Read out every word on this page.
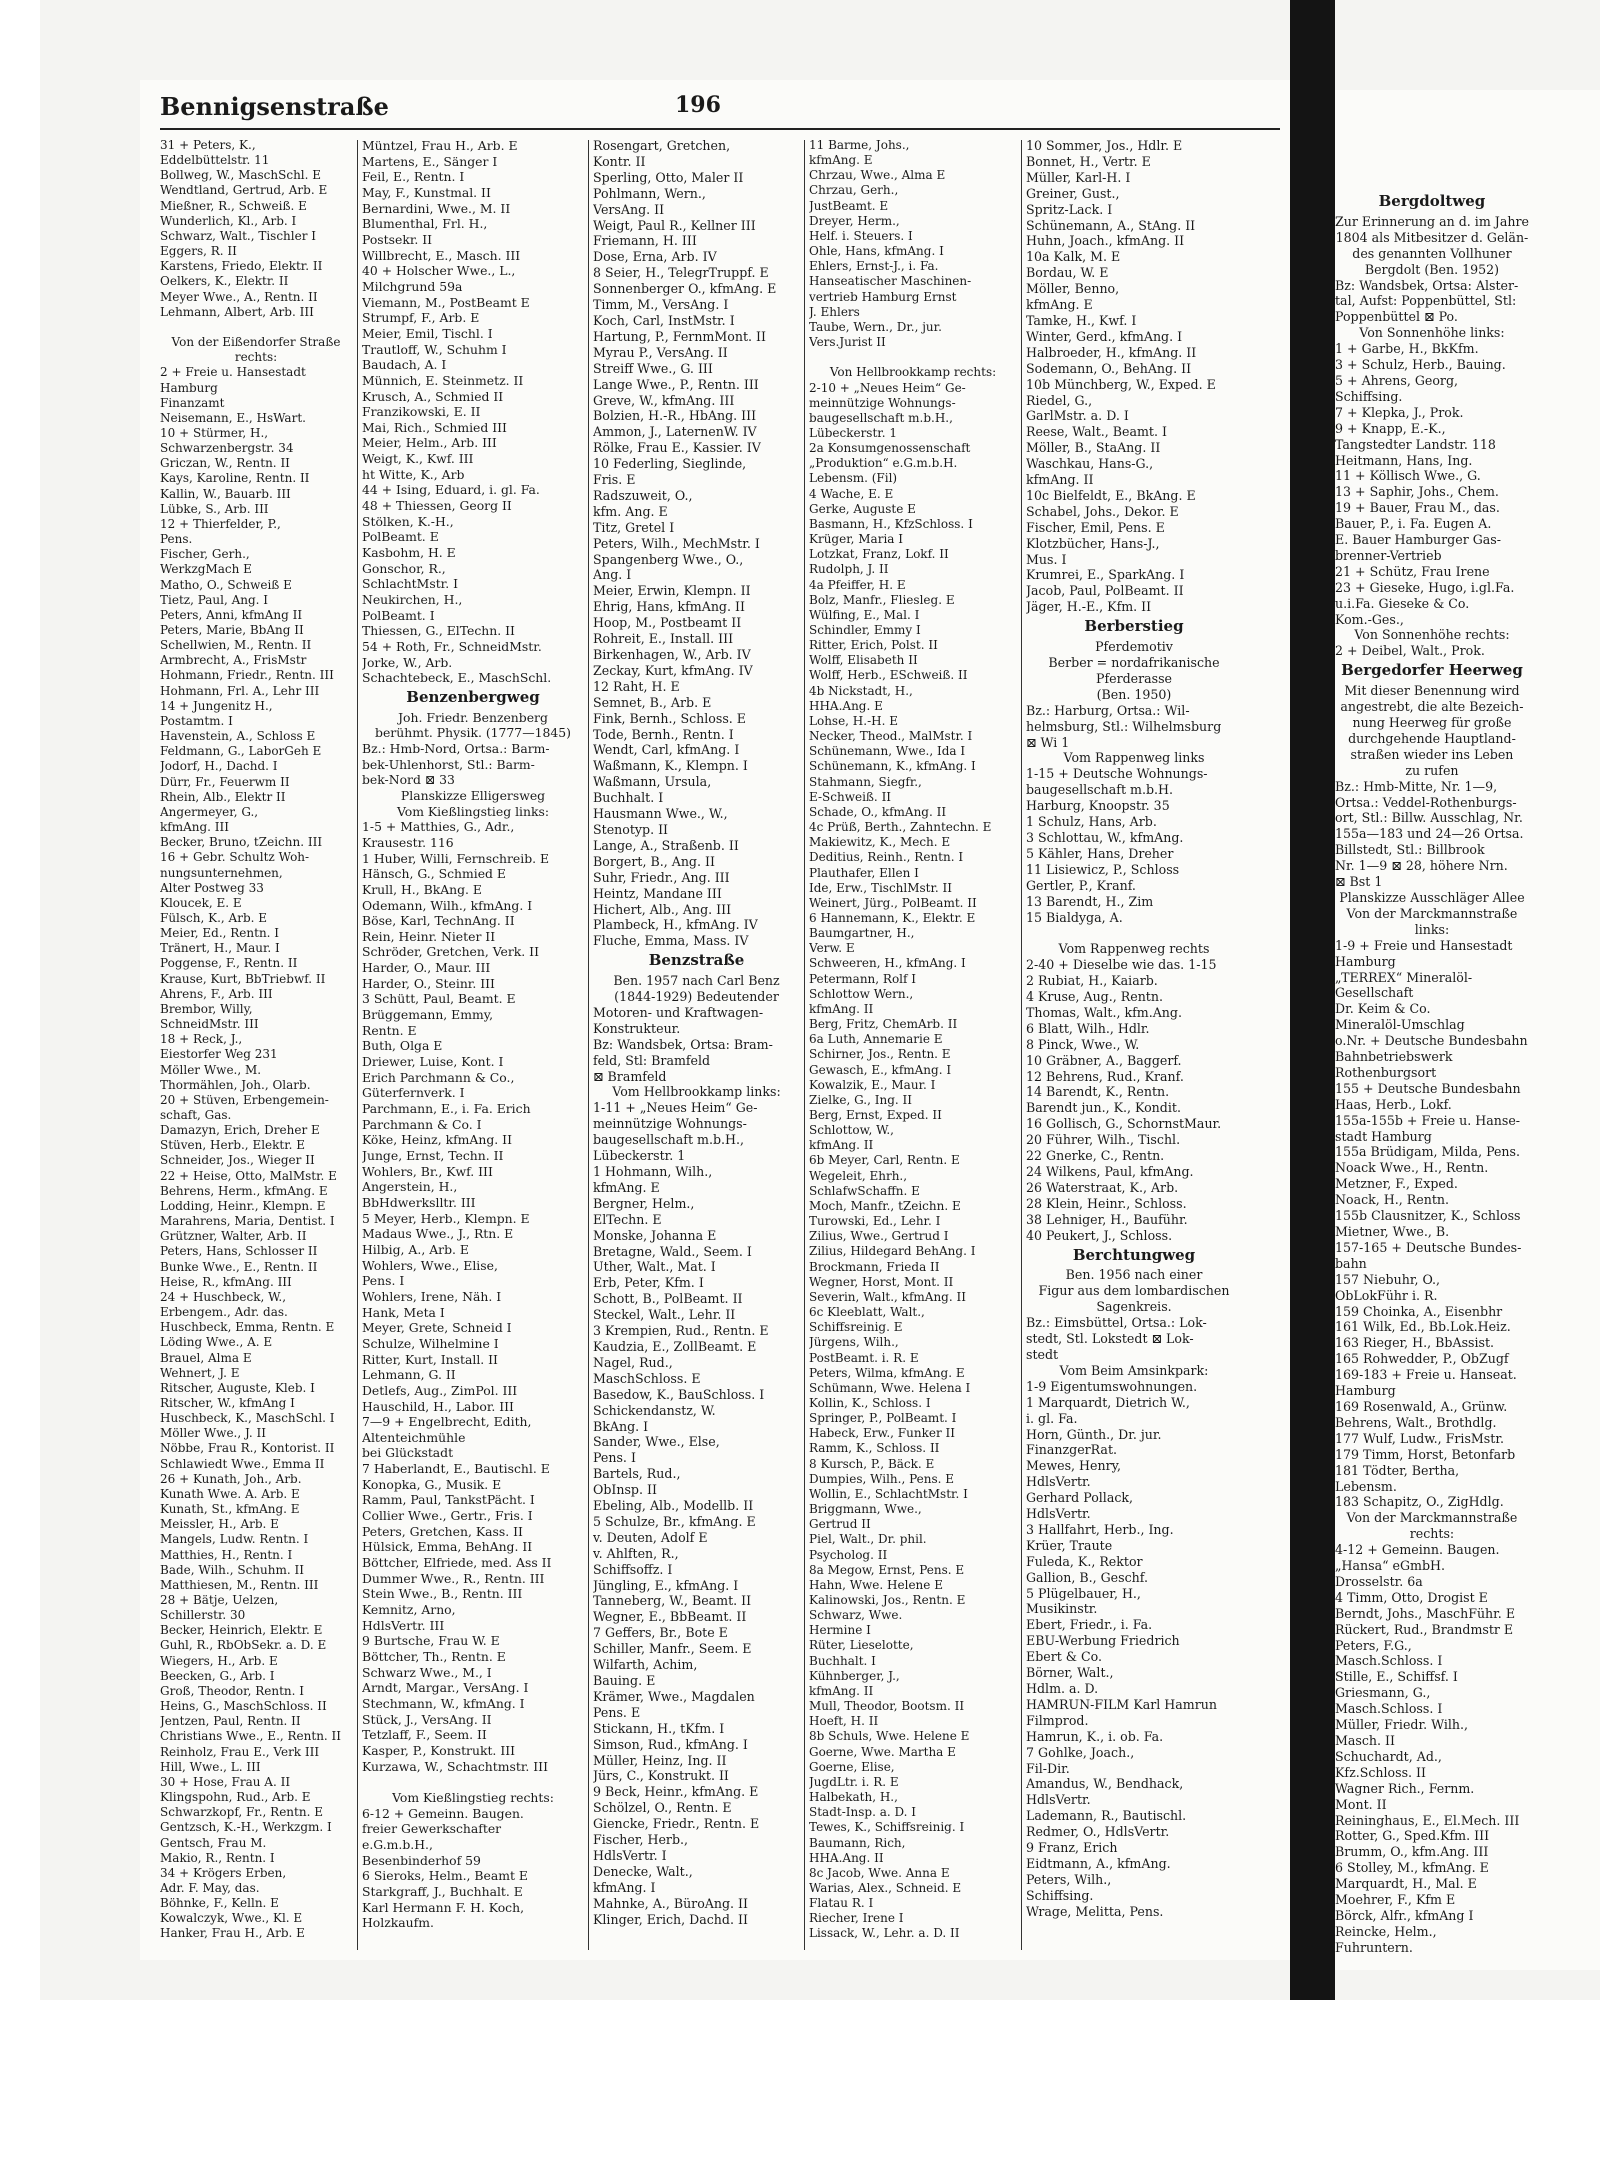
Bergdoltweg
Zur Erinnerung an d. im Jahre
1804 als Mitbesitzer d. Gelän-
des genannten Vollhuner
Bergdolt (Ben. 1952)
Bz: Wandsbek, Ortsa: Alster-
tal, Aufst: Poppenbüttel, Stl:
Poppenbüttel ⊠ Po.
Von Sonnenhöhe links:
1 + Garbe, H., BkKfm.
3 + Schulz, Herb., Bauing.
5 + Ahrens, Georg,
Schiffsing.
7 + Klepka, J., Prok.
9 + Knapp, E.-K.,
Tangstedter Landstr. 118
Heitmann, Hans, Ing.
11 + Köllisch Wwe., G.
13 + Saphir, Johs., Chem.
19 + Bauer, Frau M., das.
Bauer, P., i. Fa. Eugen A.
E. Bauer Hamburger Gas-
brenner-Vertrieb
21 + Schütz, Frau Irene
23 + Gieseke, Hugo, i.gl.Fa.
u.i.Fa. Gieseke & Co.
Kom.-Ges.,
Von Sonnenhöhe rechts:
2 + Deibel, Walt., Prok.
Bergedorfer Heerweg
Mit dieser Benennung wird
angestrebt, die alte Bezeich-
nung Heerweg für große
durchgehende Hauptland-
straßen wieder ins Leben
zu rufen
Bz.: Hmb-Mitte, Nr. 1—9,
Ortsa.: Veddel-Rothenburgs-
ort, Stl.: Billw. Ausschlag, Nr.
155a—183 und 24—26 Ortsa.
Billstedt, Stl.: Billbrook
Nr. 1—9 ⊠ 28, höhere Nrn.
⊠ Bst 1
Planskizze Ausschläger Allee
Von der Marckmannstraße
links:
1-9 + Freie und Hansestadt
Hamburg
„TERREX“ Mineralöl-
Gesellschaft
Dr. Keim & Co.
Mineralöl-Umschlag
o.Nr. + Deutsche Bundesbahn
Bahnbetriebswerk
Rothenburgsort
155 + Deutsche Bundesbahn
Haas, Herb., Lokf.
155a-155b + Freie u. Hanse-
stadt Hamburg
155a Brüdigam, Milda, Pens.
Noack Wwe., H., Rentn.
Metzner, F., Exped.
Noack, H., Rentn.
155b Clausnitzer, K., Schloss
Mietner, Wwe., B.
157-165 + Deutsche Bundes-
bahn
157 Niebuhr, O.,
ObLokFühr i. R.
159 Choinka, A., Eisenbhr
161 Wilk, Ed., Bb.Lok.Heiz.
163 Rieger, H., BbAssist.
165 Rohwedder, P., ObZugf
169-183 + Freie u. Hanseat.
Hamburg
169 Rosenwald, A., Grünw.
Behrens, Walt., Brothdlg.
177 Wulf, Ludw., FrisMstr.
179 Timm, Horst, Betonfarb
181 Tödter, Bertha,
Lebensm.
183 Schapitz, O., ZigHdlg.
Von der Marckmannstraße
rechts:
4-12 + Gemeinn. Baugen.
„Hansa“ eGmbH.
Drosselstr. 6a
4 Timm, Otto, Drogist E
Berndt, Johs., MaschFühr. E
Rückert, Rud., Brandmstr E
Peters, F.G.,
Masch.Schloss. I
Stille, E., Schiffsf. I
Griesmann, G.,
Masch.Schloss. I
Müller, Friedr. Wilh.,
Masch. II
Schuchardt, Ad.,
Kfz.Schloss. II
Wagner Rich., Fernm.
Mont. II
Reininghaus, E., El.Mech. III
Rotter, G., Sped.Kfm. III
Brumm, O., kfm.Ang. III
6 Stolley, M., kfmAng. E
Marquardt, H., Mal. E
Moehrer, F., Kfm E
Börck, Alfr., kfmAng I
Reincke, Helm.,
Fuhruntern.
Bennigsenstraße	196
31 + Peters, K.,
Eddelbüttelstr. 11
Bollweg, W., MaschSchl. E
Wendtland, Gertrud, Arb. E
Mießner, R., Schweiß. E
Wunderlich, Kl., Arb. I
Schwarz, Walt., Tischler I
Eggers, R. II
Karstens, Friedo, Elektr. II
Oelkers, K., Elektr. II
Meyer Wwe., A., Rentn. II
Lehmann, Albert, Arb. III

Von der Eißendorfer Straße
rechts:
2 + Freie u. Hansestadt
Hamburg
Finanzamt
Neisemann, E., HsWart.
10 + Stürmer, H.,
Schwarzenbergstr. 34
Griczan, W., Rentn. II
Kays, Karoline, Rentn. II
Kallin, W., Bauarb. III
Lübke, S., Arb. III
12 + Thierfelder, P.,
Pens.
Fischer, Gerh.,
WerkzgMach E
Matho, O., Schweiß E
Tietz, Paul, Ang. I
Peters, Anni, kfmAng II
Peters, Marie, BbAng II
Schellwien, M., Rentn. II
Armbrecht, A., FrisMstr
Hohmann, Friedr., Rentn. III
Hohmann, Frl. A., Lehr III
14 + Jungenitz H.,
Postamtm. I
Havenstein, A., Schloss E
Feldmann, G., LaborGeh E
Jodorf, H., Dachd. I
Dürr, Fr., Feuerwm II
Rhein, Alb., Elektr II
Angermeyer, G.,
kfmAng. III
Becker, Bruno, tZeichn. III
16 + Gebr. Schultz Woh-
nungsunternehmen,
Alter Postweg 33
Kloucek, E. E
Fülsch, K., Arb. E
Meier, Ed., Rentn. I
Tränert, H., Maur. I
Poggense, F., Rentn. II
Krause, Kurt, BbTriebwf. II
Ahrens, F., Arb. III
Brembor, Willy,
SchneidMstr. III
18 + Reck, J.,
Eiestorfer Weg 231
Möller Wwe., M.
Thormählen, Joh., Olarb.
20 + Stüven, Erbengemein-
schaft, Gas.
Damazyn, Erich, Dreher E
Stüven, Herb., Elektr. E
Schneider, Jos., Wieger II
22 + Heise, Otto, MalMstr. E
Behrens, Herm., kfmAng. E
Lodding, Heinr., Klempn. E
Marahrens, Maria, Dentist. I
Grützner, Walter, Arb. II
Peters, Hans, Schlosser II
Bunke Wwe., E., Rentn. II
Heise, R., kfmAng. III
24 + Huschbeck, W.,
Erbengem., Adr. das.
Huschbeck, Emma, Rentn. E
Löding Wwe., A. E
Brauel, Alma E
Wehnert, J. E
Ritscher, Auguste, Kleb. I
Ritscher, W., kfmAng I
Huschbeck, K., MaschSchl. I
Möller Wwe., J. II
Nöbbe, Frau R., Kontorist. II
Schlawiedt Wwe., Emma II
26 + Kunath, Joh., Arb.
Kunath Wwe. A. Arb. E
Kunath, St., kfmAng. E
Meissler, H., Arb. E
Mangels, Ludw. Rentn. I
Matthies, H., Rentn. I
Bade, Wilh., Schuhm. II
Matthiesen, M., Rentn. III
28 + Bätje, Uelzen,
Schillerstr. 30
Becker, Heinrich, Elektr. E
Guhl, R., RbObSekr. a. D. E
Wiegers, H., Arb. E
Beecken, G., Arb. I
Groß, Theodor, Rentn. I
Heins, G., MaschSchloss. II
Jentzen, Paul, Rentn. II
Christians Wwe., E., Rentn. II
Reinholz, Frau E., Verk III
Hill, Wwe., L. III
30 + Hose, Frau A. II
Klingspohn, Rud., Arb. E
Schwarzkopf, Fr., Rentn. E
Gentzsch, K.-H., Werkzgm. I
Gentsch, Frau M.
Makio, R., Rentn. I
34 + Krögers Erben,
Adr. F. May, das.
Böhnke, F., Kelln. E
Kowalczyk, Wwe., Kl. E
Hanker, Frau H., Arb. E
Müntzel, Frau H., Arb. E
Martens, E., Sänger I
Feil, E., Rentn. I
May, F., Kunstmal. II
Bernardini, Wwe., M. II
Blumenthal, Frl. H.,
Postsekr. II
Willbrecht, E., Masch. III
40 + Holscher Wwe., L.,
Milchgrund 59a
Viemann, M., PostBeamt E
Strumpf, F., Arb. E
Meier, Emil, Tischl. I
Trautloff, W., Schuhm I
Baudach, A. I
Münnich, E. Steinmetz. II
Krusch, A., Schmied II
Franzikowski, E. II
Mai, Rich., Schmied III
Meier, Helm., Arb. III
Weigt, K., Kwf. III
ht Witte, K., Arb
44 + Ising, Eduard, i. gl. Fa.
48 + Thiessen, Georg II
Stölken, K.-H.,
PolBeamt. E
Kasbohm, H. E
Gonschor, R.,
SchlachtMstr. I
Neukirchen, H.,
PolBeamt. I
Thiessen, G., ElTechn. II
54 + Roth, Fr., SchneidMstr.
Jorke, W., Arb.
Schachtebeck, E., MaschSchl.
Benzenbergweg
Joh. Friedr. Benzenberg
berühmt. Physik. (1777—1845)
Bz.: Hmb-Nord, Ortsa.: Barm-
bek-Uhlenhorst, Stl.: Barm-
bek-Nord ⊠ 33
Planskizze Elligersweg
Vom Kießlingstieg links:
1-5 + Matthies, G., Adr.,
Krausestr. 116
1 Huber, Willi, Fernschreib. E
Hänsch, G., Schmied E
Krull, H., BkAng. E
Odemann, Wilh., kfmAng. I
Böse, Karl, TechnAng. II
Rein, Heinr. Nieter II
Schröder, Gretchen, Verk. II
Harder, O., Maur. III
Harder, O., Steinr. III
3 Schütt, Paul, Beamt. E
Brüggemann, Emmy,
Rentn. E
Buth, Olga E
Driewer, Luise, Kont. I
Erich Parchmann & Co.,
Güterfernverk. I
Parchmann, E., i. Fa. Erich
Parchmann & Co. I
Köke, Heinz, kfmAng. II
Junge, Ernst, Techn. II
Wohlers, Br., Kwf. III
Angerstein, H.,
BbHdwerkslltr. III
5 Meyer, Herb., Klempn. E
Madaus Wwe., J., Rtn. E
Hilbig, A., Arb. E
Wohlers, Wwe., Elise,
Pens. I
Wohlers, Irene, Näh. I
Hank, Meta I
Meyer, Grete, Schneid I
Schulze, Wilhelmine I
Ritter, Kurt, Install. II
Lehmann, G. II
Detlefs, Aug., ZimPol. III
Hauschild, H., Labor. III
7—9 + Engelbrecht, Edith,
Altenteichmühle
bei Glückstadt
7 Haberlandt, E., Bautischl. E
Konopka, G., Musik. E
Ramm, Paul, TankstPächt. I
Collier Wwe., Gertr., Fris. I
Peters, Gretchen, Kass. II
Hülsick, Emma, BehAng. II
Böttcher, Elfriede, med. Ass II
Dummer Wwe., R., Rentn. III
Stein Wwe., B., Rentn. III
Kemnitz, Arno,
HdlsVertr. III
9 Burtsche, Frau W. E
Böttcher, Th., Rentn. E
Schwarz Wwe., M., I
Arndt, Margar., VersAng. I
Stechmann, W., kfmAng. I
Stück, J., VersAng. II
Tetzlaff, F., Seem. II
Kasper, P., Konstrukt. III
Kurzawa, W., Schachtmstr. III

Vom Kießlingstieg rechts:
6-12 + Gemeinn. Baugen.
freier Gewerkschafter
e.G.m.b.H.,
Besenbinderhof 59
6 Sieroks, Helm., Beamt E
Starkgraff, J., Buchhalt. E
Karl Hermann F. H. Koch,
Holzkaufm.
Rosengart, Gretchen,
Kontr. II
Sperling, Otto, Maler II
Pohlmann, Wern.,
VersAng. II
Weigt, Paul R., Kellner III
Friemann, H. III
Dose, Erna, Arb. IV
8 Seier, H., TelegrTruppf. E
Sonnenberger O., kfmAng. E
Timm, M., VersAng. I
Koch, Carl, InstMstr. I
Hartung, P., FernmMont. II
Myrau P., VersAng. II
Streiff Wwe., G. III
Lange Wwe., P., Rentn. III
Greve, W., kfmAng. III
Bolzien, H.-R., HbAng. III
Ammon, J., LaternenW. IV
Rölke, Frau E., Kassier. IV
10 Federling, Sieglinde,
Fris. E
Radszuweit, O.,
kfm. Ang. E
Titz, Gretel I
Peters, Wilh., MechMstr. I
Spangenberg Wwe., O.,
Ang. I
Meier, Erwin, Klempn. II
Ehrig, Hans, kfmAng. II
Hoop, M., Postbeamt II
Rohreit, E., Install. III
Birkenhagen, W., Arb. IV
Zeckay, Kurt, kfmAng. IV
12 Raht, H. E
Semnet, B., Arb. E
Fink, Bernh., Schloss. E
Tode, Bernh., Rentn. I
Wendt, Carl, kfmAng. I
Waßmann, K., Klempn. I
Waßmann, Ursula,
Buchhalt. I
Hausmann Wwe., W.,
Stenotyp. II
Lange, A., Straßenb. II
Borgert, B., Ang. II
Suhr, Friedr., Ang. III
Heintz, Mandane III
Hichert, Alb., Ang. III
Plambeck, H., kfmAng. IV
Fluche, Emma, Mass. IV
Benzstraße
Ben. 1957 nach Carl Benz
(1844-1929) Bedeutender
Motoren- und Kraftwagen-
Konstrukteur.
Bz: Wandsbek, Ortsa: Bram-
feld, Stl: Bramfeld
⊠ Bramfeld
Vom Hellbrookkamp links:
1-11 + „Neues Heim“ Ge-
meinnützige Wohnungs-
baugesellschaft m.b.H.,
Lübeckerstr. 1
1 Hohmann, Wilh.,
kfmAng. E
Bergner, Helm.,
ElTechn. E
Monske, Johanna E
Bretagne, Wald., Seem. I
Uther, Walt., Mat. I
Erb, Peter, Kfm. I
Schott, B., PolBeamt. II
Steckel, Walt., Lehr. II
3 Krempien, Rud., Rentn. E
Kaudzia, E., ZollBeamt. E
Nagel, Rud.,
MaschSchloss. E
Basedow, K., BauSchloss. I
Schickendanstz, W.
BkAng. I
Sander, Wwe., Else,
Pens. I
Bartels, Rud.,
ObInsp. II
Ebeling, Alb., Modellb. II
5 Schulze, Br., kfmAng. E
v. Deuten, Adolf E
v. Ahlften, R.,
Schiffsoffz. I
Jüngling, E., kfmAng. I
Tanneberg, W., Beamt. II
Wegner, E., BbBeamt. II
7 Geffers, Br., Bote E
Schiller, Manfr., Seem. E
Wilfarth, Achim,
Bauing. E
Krämer, Wwe., Magdalen
Pens. E
Stickann, H., tKfm. I
Simson, Rud., kfmAng. I
Müller, Heinz, Ing. II
Jürs, C., Konstrukt. II
9 Beck, Heinr., kfmAng. E
Schölzel, O., Rentn. E
Giencke, Friedr., Rentn. E
Fischer, Herb.,
HdlsVertr. I
Denecke, Walt.,
kfmAng. I
Mahnke, A., BüroAng. II
Klinger, Erich, Dachd. II
11 Barme, Johs.,
kfmAng. E
Chrzau, Wwe., Alma E
Chrzau, Gerh.,
JustBeamt. E
Dreyer, Herm.,
Helf. i. Steuers. I
Ohle, Hans, kfmAng. I
Ehlers, Ernst-J., i. Fa.
Hanseatischer Maschinen-
vertrieb Hamburg Ernst
J. Ehlers
Taube, Wern., Dr., jur.
Vers.Jurist II

Von Hellbrookkamp rechts:
2-10 + „Neues Heim“ Ge-
meinnützige Wohnungs-
baugesellschaft m.b.H.,
Lübeckerstr. 1
2a Konsumgenossenschaft
„Produktion“ e.G.m.b.H.
Lebensm. (Fil)
4 Wache, E. E
Gerke, Auguste E
Basmann, H., KfzSchloss. I
Krüger, Maria I
Lotzkat, Franz, Lokf. II
Rudolph, J. II
4a Pfeiffer, H. E
Bolz, Manfr., Fliesleg. E
Wülfing, E., Mal. I
Schindler, Emmy I
Ritter, Erich, Polst. II
Wolff, Elisabeth II
Wolff, Herb., ESchweiß. II
4b Nickstadt, H.,
HHA.Ang. E
Lohse, H.-H. E
Necker, Theod., MalMstr. I
Schünemann, Wwe., Ida I
Schünemann, K., kfmAng. I
Stahmann, Siegfr.,
E-Schweiß. II
Schade, O., kfmAng. II
4c Prüß, Berth., Zahntechn. E
Makiewitz, K., Mech. E
Deditius, Reinh., Rentn. I
Plauthafer, Ellen I
Ide, Erw., TischlMstr. II
Weinert, Jürg., PolBeamt. II
6 Hannemann, K., Elektr. E
Baumgartner, H.,
Verw. E
Schweeren, H., kfmAng. I
Petermann, Rolf I
Schlottow Wern.,
kfmAng. II
Berg, Fritz, ChemArb. II
6a Luth, Annemarie E
Schirner, Jos., Rentn. E
Gewasch, E., kfmAng. I
Kowalzik, E., Maur. I
Zielke, G., Ing. II
Berg, Ernst, Exped. II
Schlottow, W.,
kfmAng. II
6b Meyer, Carl, Rentn. E
Wegeleit, Ehrh.,
SchlafwSchaffn. E
Moch, Manfr., tZeichn. E
Turowski, Ed., Lehr. I
Zilius, Wwe., Gertrud I
Zilius, Hildegard BehAng. I
Brockmann, Frieda II
Wegner, Horst, Mont. II
Severin, Walt., kfmAng. II
6c Kleeblatt, Walt.,
Schiffsreinig. E
Jürgens, Wilh.,
PostBeamt. i. R. E
Peters, Wilma, kfmAng. E
Schümann, Wwe. Helena I
Kollin, K., Schloss. I
Springer, P., PolBeamt. I
Habeck, Erw., Funker II
Ramm, K., Schloss. II
8 Kursch, P., Bäck. E
Dumpies, Wilh., Pens. E
Wollin, E., SchlachtMstr. I
Briggmann, Wwe.,
Gertrud II
Piel, Walt., Dr. phil.
Psycholog. II
8a Megow, Ernst, Pens. E
Hahn, Wwe. Helene E
Kalinowski, Jos., Rentn. E
Schwarz, Wwe.
Hermine I
Rüter, Lieselotte,
Buchhalt. I
Kühnberger, J.,
kfmAng. II
Mull, Theodor, Bootsm. II
Hoeft, H. II
8b Schuls, Wwe. Helene E
Goerne, Wwe. Martha E
Goerne, Elise,
JugdLtr. i. R. E
Halbekath, H.,
Stadt-Insp. a. D. I
Tewes, K., Schiffsreinig. I
Baumann, Rich,
HHA.Ang. II
8c Jacob, Wwe. Anna E
Warias, Alex., Schneid. E
Flatau R. I
Riecher, Irene I
Lissack, W., Lehr. a. D. II
10 Sommer, Jos., Hdlr. E
Bonnet, H., Vertr. E
Müller, Karl-H. I
Greiner, Gust.,
Spritz-Lack. I
Schünemann, A., StAng. II
Huhn, Joach., kfmAng. II
10a Kalk, M. E
Bordau, W. E
Möller, Benno,
kfmAng. E
Tamke, H., Kwf. I
Winter, Gerd., kfmAng. I
Halbroeder, H., kfmAng. II
Sodemann, O., BehAng. II
10b Münchberg, W., Exped. E
Riedel, G.,
GarlMstr. a. D. I
Reese, Walt., Beamt. I
Möller, B., StaAng. II
Waschkau, Hans-G.,
kfmAng. II
10c Bielfeldt, E., BkAng. E
Schabel, Johs., Dekor. E
Fischer, Emil, Pens. E
Klotzbücher, Hans-J.,
Mus. I
Krumrei, E., SparkAng. I
Jacob, Paul, PolBeamt. II
Jäger, H.-E., Kfm. II
Berberstieg
Pferdemotiv
Berber = nordafrikanische
Pferderasse
(Ben. 1950)
Bz.: Harburg, Ortsa.: Wil-
helmsburg, Stl.: Wilhelmsburg
⊠ Wi 1
Vom Rappenweg links
1-15 + Deutsche Wohnungs-
baugesellschaft m.b.H.
Harburg, Knoopstr. 35
1 Schulz, Hans, Arb.
3 Schlottau, W., kfmAng.
5 Kähler, Hans, Dreher
11 Lisiewicz, P., Schloss
Gertler, P., Kranf.
13 Barendt, H., Zim
15 Bialdyga, A.

Vom Rappenweg rechts
2-40 + Dieselbe wie das. 1-15
2 Rubiat, H., Kaiarb.
4 Kruse, Aug., Rentn.
Thomas, Walt., kfm.Ang.
6 Blatt, Wilh., Hdlr.
8 Pinck, Wwe., W.
10 Gräbner, A., Baggerf.
12 Behrens, Rud., Kranf.
14 Barendt, K., Rentn.
Barendt jun., K., Kondit.
16 Gollisch, G., SchornstMaur.
20 Führer, Wilh., Tischl.
22 Gnerke, C., Rentn.
24 Wilkens, Paul, kfmAng.
26 Waterstraat, K., Arb.
28 Klein, Heinr., Schloss.
38 Lehniger, H., Bauführ.
40 Peukert, J., Schloss.
Berchtungweg
Ben. 1956 nach einer
Figur aus dem lombardischen
Sagenkreis.
Bz.: Eimsbüttel, Ortsa.: Lok-
stedt, Stl. Lokstedt ⊠ Lok-
stedt
Vom Beim Amsinkpark:
1-9 Eigentumswohnungen.
1 Marquardt, Dietrich W.,
i. gl. Fa.
Horn, Günth., Dr. jur.
FinanzgerRat.
Mewes, Henry,
HdlsVertr.
Gerhard Pollack,
HdlsVertr.
3 Hallfahrt, Herb., Ing.
Krüer, Traute
Fuleda, K., Rektor
Gallion, B., Geschf.
5 Plügelbauer, H.,
Musikinstr.
Ebert, Friedr., i. Fa.
EBU-Werbung Friedrich
Ebert & Co.
Börner, Walt.,
Hdlm. a. D.
HAMRUN-FILM Karl Hamrun
Filmprod.
Hamrun, K., i. ob. Fa.
7 Gohlke, Joach.,
Fil-Dir.
Amandus, W., Bendhack,
HdlsVertr.
Lademann, R., Bautischl.
Redmer, O., HdlsVertr.
9 Franz, Erich
Eidtmann, A., kfmAng.
Peters, Wilh.,
Schiffsing.
Wrage, Melitta, Pens.
